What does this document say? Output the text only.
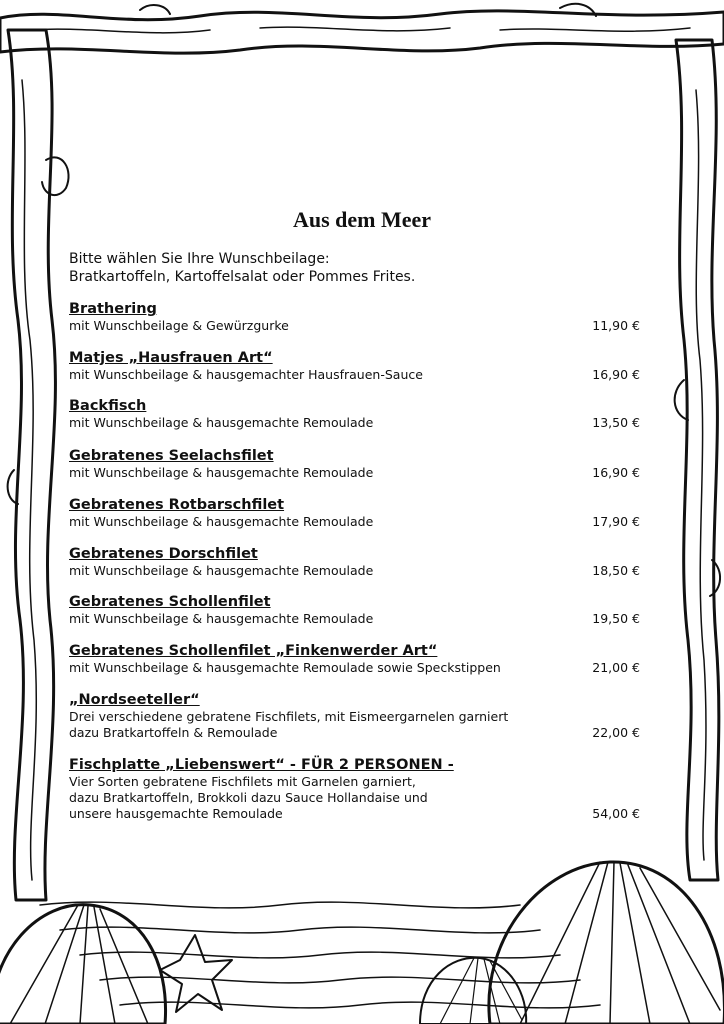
Aus dem Meer
Bitte wählen Sie Ihre Wunschbeilage:
Bratkartoffeln, Kartoffelsalat oder Pommes Frites.
Brathering
mit Wunschbeilage & Gewürzgurke	11,90 €
Matjes „Hausfrauen Art“
mit Wunschbeilage & hausgemachter Hausfrauen-Sauce	16,90 €
Backfisch
mit Wunschbeilage & hausgemachte Remoulade	13,50 €
Gebratenes Seelachsfilet
mit Wunschbeilage & hausgemachte Remoulade	16,90 €
Gebratenes Rotbarschfilet
mit Wunschbeilage & hausgemachte Remoulade	17,90 €
Gebratenes Dorschfilet
mit Wunschbeilage & hausgemachte Remoulade	18,50 €
Gebratenes Schollenfilet
mit Wunschbeilage & hausgemachte Remoulade	19,50 €
Gebratenes Schollenfilet „Finkenwerder Art“
mit Wunschbeilage & hausgemachte Remoulade sowie Speckstippen	21,00 €
„Nordseeteller“
Drei verschiedene gebratene Fischfilets, mit Eismeergarnelen garniert
dazu Bratkartoffeln & Remoulade	22,00 €
Fischplatte „Liebenswert“ - FÜR 2 PERSONEN -
Vier Sorten gebratene Fischfilets mit Garnelen garniert,
dazu Bratkartoffeln, Brokkoli dazu Sauce Hollandaise und
unsere hausgemachte Remoulade	54,00 €
